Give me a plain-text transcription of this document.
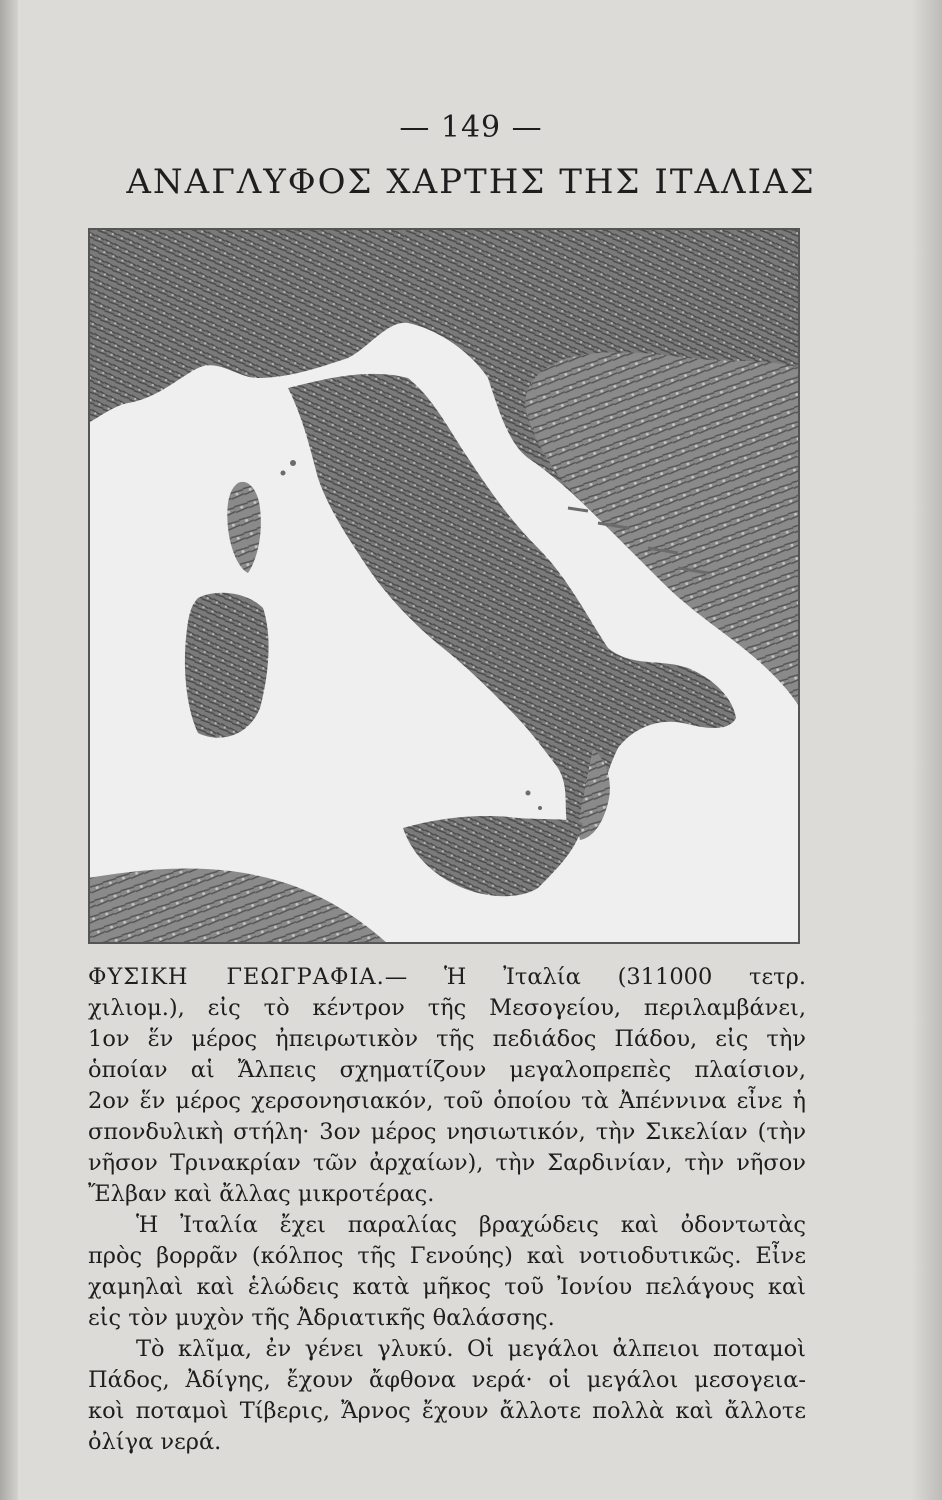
— 149 —
ΑΝΑΓΛΥΦΟΣ ΧΑΡΤΗΣ ΤΗΣ ΙΤΑΛΙΑΣ
ΦΥΣΙΚΗ ΓΕΩΓΡΑΦΙΑ.— Ἡ Ἰταλία (311000 τετρ.
χιλιομ.), εἰς τὸ κέντρον τῆς Μεσογείου, περιλαμβάνει,
1ον ἕν μέρος ἠπειρωτικὸν τῆς πεδιάδος Πάδου, εἰς τὴν
ὁποίαν αἱ Ἄλπεις σχηματίζουν μεγαλοπρεπὲς πλαίσιον,
2ον ἕν μέρος χερσονησιακόν, τοῦ ὁποίου τὰ Ἀπέννινα εἶνε ἡ
σπονδυλικὴ στήλη· 3ον μέρος νησιωτικόν, τὴν Σικελίαν (τὴν
νῆσον Τρινακρίαν τῶν ἀρχαίων), τὴν Σαρδινίαν, τὴν νῆσον
Ἔλβαν καὶ ἄλλας μικροτέρας.
Ἡ Ἰταλία ἔχει παραλίας βραχώδεις καὶ ὀδοντωτὰς
πρὸς βορρᾶν (κόλπος τῆς Γενούης) καὶ νοτιοδυτικῶς. Εἶνε
χαμηλαὶ καὶ ἑλώδεις κατὰ μῆκος τοῦ Ἰονίου πελάγους καὶ
εἰς τὸν μυχὸν τῆς Ἀδριατικῆς θαλάσσης.
Τὸ κλῖμα, ἐν γένει γλυκύ. Οἱ μεγάλοι ἀλπειοι ποταμοὶ
Πάδος, Ἀδίγης, ἔχουν ἄφθονα νερά· οἱ μεγάλοι μεσογεια-
κοὶ ποταμοὶ Τίβερις, Ἄρνος ἔχουν ἄλλοτε πολλὰ καὶ ἄλλοτε
ὀλίγα νερά.
